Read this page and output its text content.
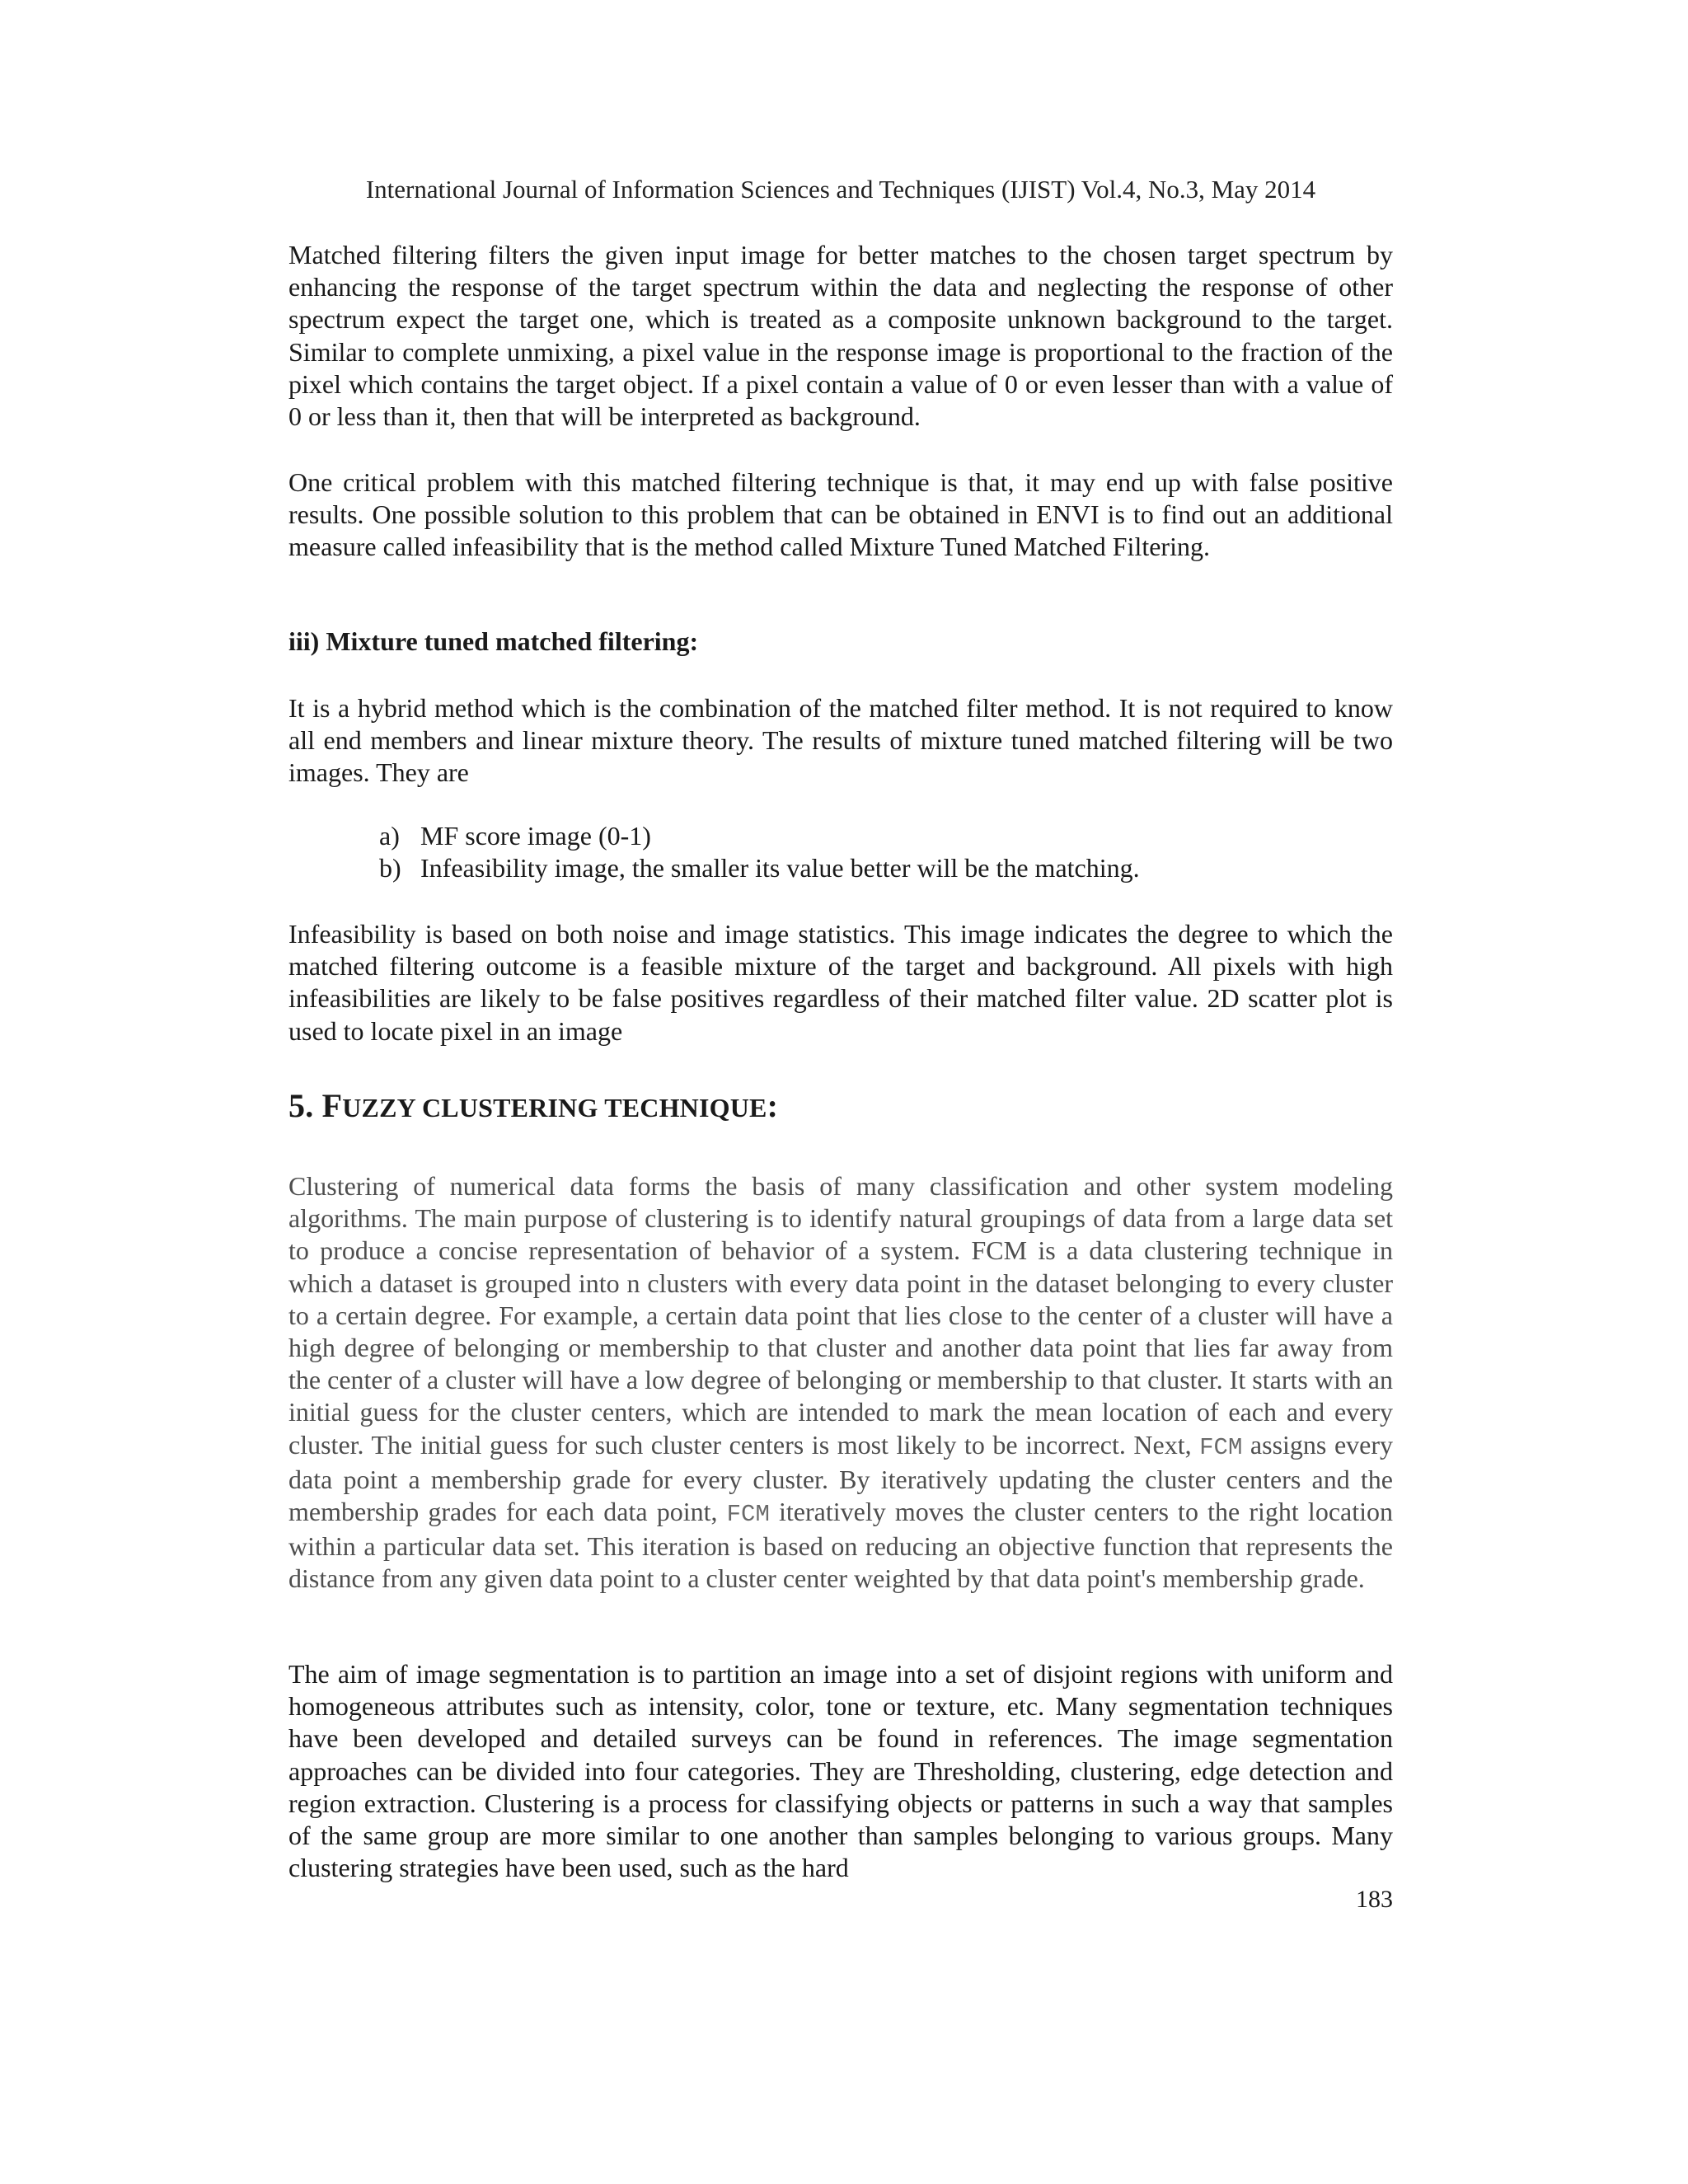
International Journal of Information Sciences and Techniques (IJIST) Vol.4, No.3, May 2014

Matched filtering filters the given input image for better matches to the chosen target spectrum by enhancing the response of the target spectrum within the data and neglecting the response of other spectrum expect the target one, which is treated as a composite unknown background to the target. Similar to complete unmixing, a pixel value in the response image is proportional to the fraction of the pixel which contains the target object. If a pixel contain a value of 0 or even lesser than with a value of 0 or less than it, then that will be interpreted as background.

One critical problem with this matched filtering technique is that, it may end up with false positive results. One possible solution to this problem that can be obtained in ENVI is to find out an additional measure called infeasibility that is the method called Mixture Tuned Matched Filtering.

iii) Mixture tuned matched filtering:

It is a hybrid method which is the combination of the matched filter method. It is not required to know all end members and linear mixture theory. The results of mixture tuned matched filtering will be two images. They are

a) MF score image (0-1)
b) Infeasibility image, the smaller its value better will be the matching.

Infeasibility is based on both noise and image statistics. This image indicates the degree to which the matched filtering outcome is a feasible mixture of the target and background. All pixels with high infeasibilities are likely to be false positives regardless of their matched filter value. 2D scatter plot is used to locate pixel in an image

5. FUZZY CLUSTERING TECHNIQUE:

Clustering of numerical data forms the basis of many classification and other system modeling algorithms. The main purpose of clustering is to identify natural groupings of data from a large data set to produce a concise representation of behavior of a system. FCM is a data clustering technique in which a dataset is grouped into n clusters with every data point in the dataset belonging to every cluster to a certain degree. For example, a certain data point that lies close to the center of a cluster will have a high degree of belonging or membership to that cluster and another data point that lies far away from the center of a cluster will have a low degree of belonging or membership to that cluster. It starts with an initial guess for the cluster centers, which are intended to mark the mean location of each and every cluster. The initial guess for such cluster centers is most likely to be incorrect. Next, FCM assigns every data point a membership grade for every cluster. By iteratively updating the cluster centers and the membership grades for each data point, FCM iteratively moves the cluster centers to the right location within a particular data set. This iteration is based on reducing an objective function that represents the distance from any given data point to a cluster center weighted by that data point's membership grade.

The aim of image segmentation is to partition an image into a set of disjoint regions with uniform and homogeneous attributes such as intensity, color, tone or texture, etc. Many segmentation techniques have been developed and detailed surveys can be found in references. The image segmentation approaches can be divided into four categories. They are Thresholding, clustering, edge detection and region extraction. Clustering is a process for classifying objects or patterns in such a way that samples of the same group are more similar to one another than samples belonging to various groups. Many clustering strategies have been used, such as the hard

183
